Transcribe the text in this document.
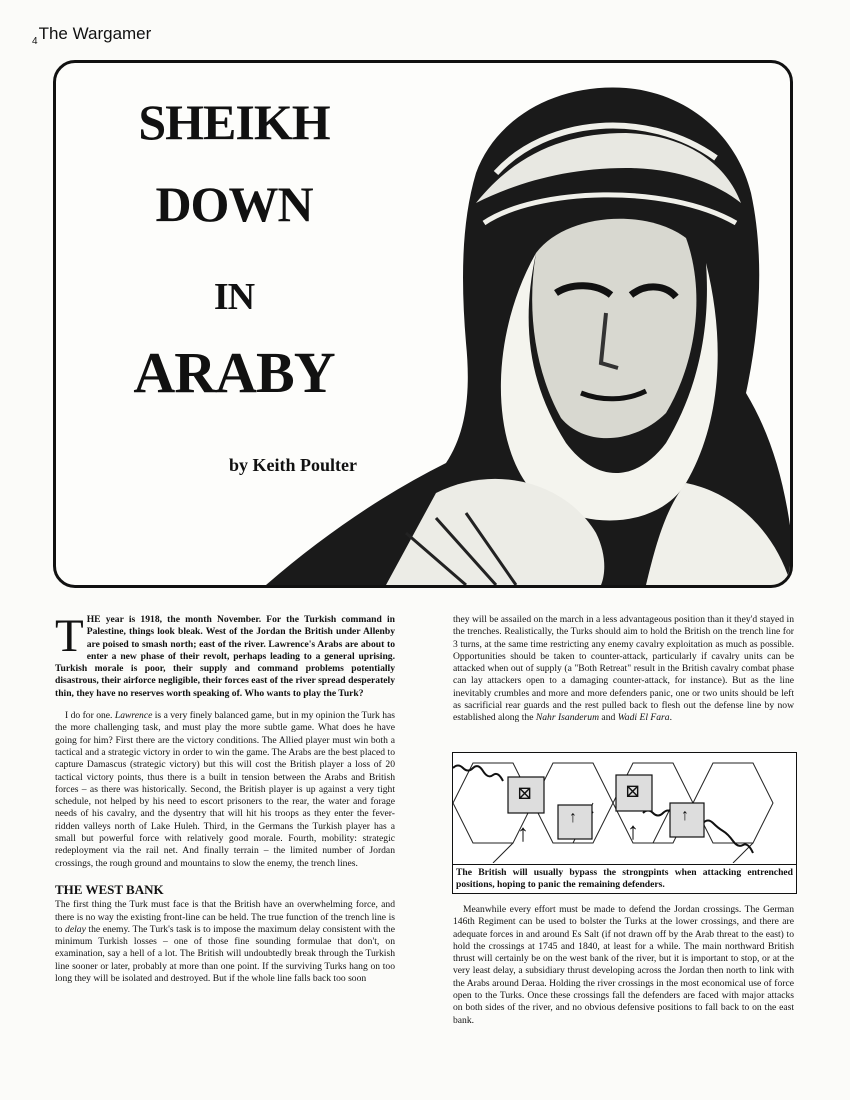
$_4$The Wargamer
SHEIKH
DOWN
IN
ARABY
by Keith Poulter

THE year is 1918, the month November. For the Turkish command in Palestine, things look bleak. West of the Jordan the British under Allenby are poised to smash north; east of the river. Lawrence's Arabs are about to enter a new phase of their revolt, perhaps leading to a general uprising. Turkish morale is poor, their supply and command problems potentially disastrous, their airforce negligible, their forces east of the river spread desperately thin, they have no reserves worth speaking of. Who wants to play the Turk?

I do for one. Lawrence is a very finely balanced game, but in my opinion the Turk has the more challenging task, and must play the more subtle game. What does he have going for him? First there are the victory conditions. The Allied player must win both a tactical and a strategic victory in order to win the game. The Arabs are the best placed to capture Damascus (strategic victory) but this will cost the British player a loss of 20 tactical victory points, thus there is a built in tension between the Arabs and British forces – as there was historically. Second, the British player is up against a very tight schedule, not helped by his need to escort prisoners to the rear, the water and forage needs of his cavalry, and the dysentry that will hit his troops as they enter the fever-ridden valleys north of Lake Huleh. Third, in the Germans the Turkish player has a small but powerful force with relatively good morale. Fourth, mobility: strategic redeployment via the rail net. And finally terrain – the limited number of Jordan crossings, the rough ground and mountains to slow the enemy, the trench lines.

THE WEST BANK

The first thing the Turk must face is that the British have an overwhelming force, and there is no way the existing front-line can be held. The true function of the trench line is to delay the enemy. The Turk's task is to impose the maximum delay consistent with the minimum Turkish losses – one of those fine sounding formulae that don't, on examination, say a hell of a lot. The British will undoubtedly break through the Turkish line sooner or later, probably at more than one point. If the surviving Turks hang on too long they will be isolated and destroyed. But if the whole line falls back too soon

they will be assailed on the march in a less advantageous position than it they'd stayed in the trenches. Realistically, the Turks should aim to hold the British on the trench line for 3 turns, at the same time restricting any enemy cavalry exploitation as much as possible. Opportunities should be taken to counter-attack, particularly if cavalry units can be attacked when out of supply (a "Both Retreat" result in the British cavalry combat phase can lay attackers open to a damaging counter-attack, for instance). But as the line inevitably crumbles and more and more defenders panic, one or two units should be left as sacrificial rear guards and the rest pulled back to flesh out the defense line by now established along the Nahr Isanderum and Wadi El Fara.

⊠	⊠
↑	↑
↑	↑
The British will usually bypass the strongpints when attacking entrenched positions, hoping to panic the remaining defenders.

Meanwhile every effort must be made to defend the Jordan crossings. The German 146th Regiment can be used to bolster the Turks at the lower crossings, and there are adequate forces in and around Es Salt (if not drawn off by the Arab threat to the east) to hold the crossings at 1745 and 1840, at least for a while. The main northward British thrust will certainly be on the west bank of the river, but it is important to stop, or at the very least delay, a subsidiary thrust developing across the Jordan then north to link with the Arabs around Deraa. Holding the river crossings in the most economical use of force open to the Turks. Once these crossings fall the defenders are faced with major attacks on both sides of the river, and no obvious defensive positions to fall back to on the east bank.
